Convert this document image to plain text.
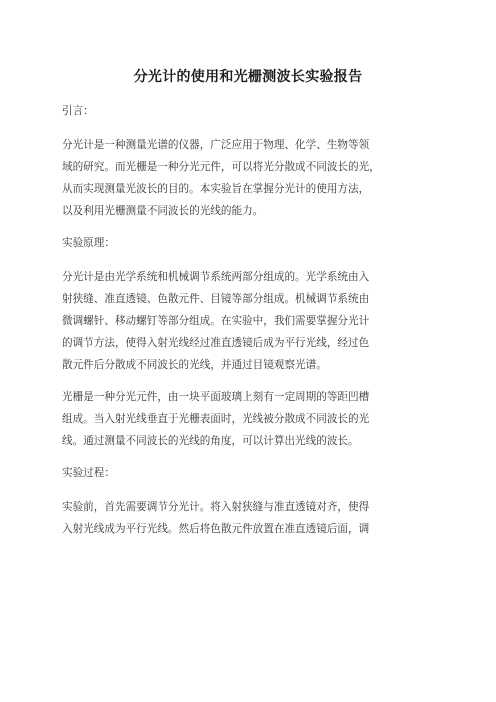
分光计的使用和光栅测波长实验报告
引言：
分光计是一种测量光谱的仪器，广泛应用于物理、化学、生物等领
域的研究。而光栅是一种分光元件，可以将光分散成不同波长的光，
从而实现测量光波长的目的。本实验旨在掌握分光计的使用方法，
以及利用光栅测量不同波长的光线的能力。
实验原理：
分光计是由光学系统和机械调节系统两部分组成的。光学系统由入
射狭缝、准直透镜、色散元件、目镜等部分组成。机械调节系统由
微调螺针、移动螺钉等部分组成。在实验中，我们需要掌握分光计
的调节方法，使得入射光线经过准直透镜后成为平行光线，经过色
散元件后分散成不同波长的光线，并通过目镜观察光谱。
光栅是一种分光元件，由一块平面玻璃上刻有一定周期的等距凹槽
组成。当入射光线垂直于光栅表面时，光线被分散成不同波长的光
线。通过测量不同波长的光线的角度，可以计算出光线的波长。
实验过程：
实验前，首先需要调节分光计。将入射狭缝与准直透镜对齐，使得
入射光线成为平行光线。然后将色散元件放置在准直透镜后面，调
